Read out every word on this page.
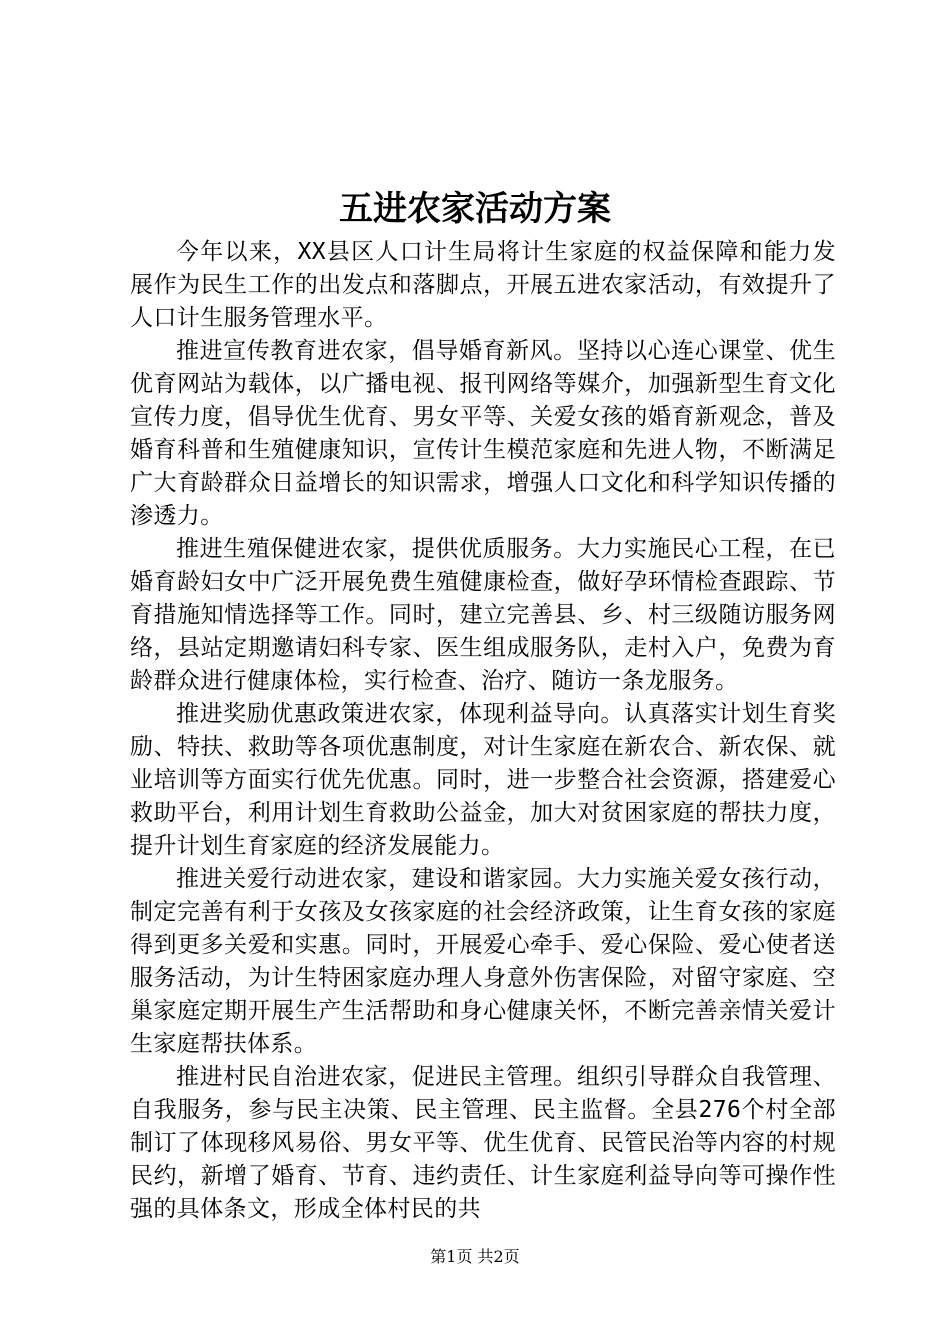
五进农家活动方案

今年以来，XX县区人口计生局将计生家庭的权益保障和能力发展作为民生工作的出发点和落脚点，开展五进农家活动，有效提升了人口计生服务管理水平。

推进宣传教育进农家，倡导婚育新风。坚持以心连心课堂、优生优育网站为载体，以广播电视、报刊网络等媒介，加强新型生育文化宣传力度，倡导优生优育、男女平等、关爱女孩的婚育新观念，普及婚育科普和生殖健康知识，宣传计生模范家庭和先进人物，不断满足广大育龄群众日益增长的知识需求，增强人口文化和科学知识传播的渗透力。

推进生殖保健进农家，提供优质服务。大力实施民心工程，在已婚育龄妇女中广泛开展免费生殖健康检查，做好孕环情检查跟踪、节育措施知情选择等工作。同时，建立完善县、乡、村三级随访服务网络，县站定期邀请妇科专家、医生组成服务队，走村入户，免费为育龄群众进行健康体检，实行检查、治疗、随访一条龙服务。

推进奖励优惠政策进农家，体现利益导向。认真落实计划生育奖励、特扶、救助等各项优惠制度，对计生家庭在新农合、新农保、就业培训等方面实行优先优惠。同时，进一步整合社会资源，搭建爱心救助平台，利用计划生育救助公益金，加大对贫困家庭的帮扶力度，提升计划生育家庭的经济发展能力。

推进关爱行动进农家，建设和谐家园。大力实施关爱女孩行动，制定完善有利于女孩及女孩家庭的社会经济政策，让生育女孩的家庭得到更多关爱和实惠。同时，开展爱心牵手、爱心保险、爱心使者送服务活动，为计生特困家庭办理人身意外伤害保险，对留守家庭、空巢家庭定期开展生产生活帮助和身心健康关怀，不断完善亲情关爱计生家庭帮扶体系。

推进村民自治进农家，促进民主管理。组织引导群众自我管理、自我服务，参与民主决策、民主管理、民主监督。全县276个村全部制订了体现移风易俗、男女平等、优生优育、民管民治等内容的村规民约，新增了婚育、节育、违约责任、计生家庭利益导向等可操作性强的具体条文，形成全体村民的共

第1页 共2页
